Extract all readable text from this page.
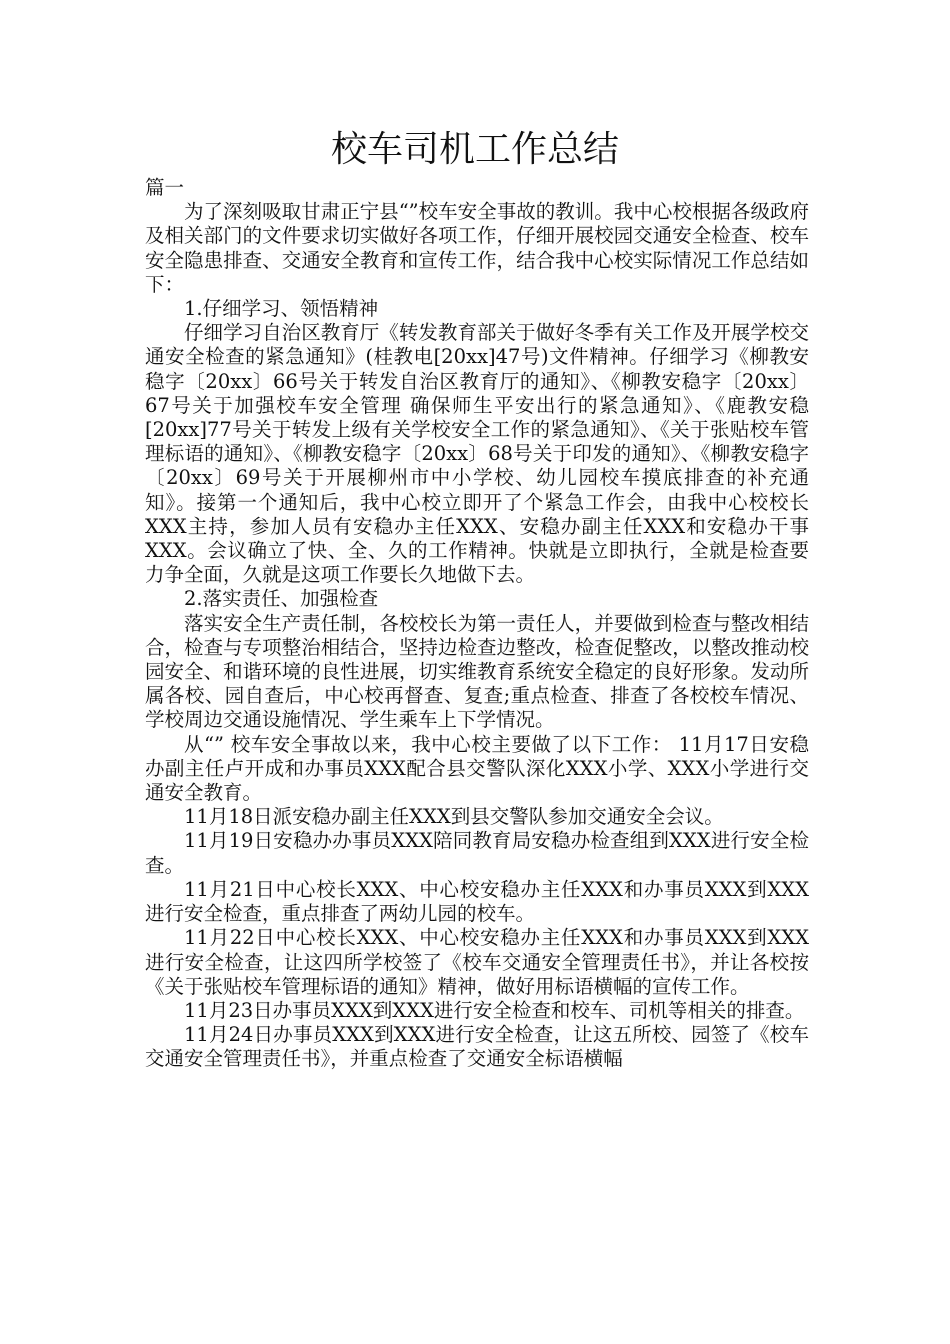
校车司机工作总结

篇一

为了深刻吸取甘肃正宁县“”校车安全事故的教训。我中心校根据各级政府及相关部门的文件要求切实做好各项工作，仔细开展校园交通安全检查、校车安全隐患排查、交通安全教育和宣传工作，结合我中心校实际情况工作总结如下：

1.仔细学习、领悟精神

仔细学习自治区教育厅《转发教育部关于做好冬季有关工作及开展学校交通安全检查的紧急通知》(桂教电[20xx]47号)文件精神。仔细学习《柳教安稳字〔20xx〕66号关于转发自治区教育厅的通知》、《柳教安稳字〔20xx〕67号关于加强校车安全管理 确保师生平安出行的紧急通知》、《鹿教安稳[20xx]77号关于转发上级有关学校安全工作的紧急通知》、《关于张贴校车管理标语的通知》、《柳教安稳字〔20xx〕68号关于印发的通知》、《柳教安稳字〔20xx〕69号关于开展柳州市中小学校、幼儿园校车摸底排查的补充通知》。接第一个通知后，我中心校立即开了个紧急工作会，由我中心校校长XXX主持，参加人员有安稳办主任XXX、安稳办副主任XXX和安稳办干事XXX。会议确立了快、全、久的工作精神。快就是立即执行，全就是检查要力争全面，久就是这项工作要长久地做下去。

2.落实责任、加强检查

落实安全生产责任制，各校校长为第一责任人，并要做到检查与整改相结合，检查与专项整治相结合，坚持边检查边整改，检查促整改，以整改推动校园安全、和谐环境的良性进展，切实维教育系统安全稳定的良好形象。发动所属各校、园自查后，中心校再督查、复查;重点检查、排查了各校校车情况、学校周边交通设施情况、学生乘车上下学情况。

从“” 校车安全事故以来，我中心校主要做了以下工作： 11月17日安稳办副主任卢开成和办事员XXX配合县交警队深化XXX小学、XXX小学进行交通安全教育。

11月18日派安稳办副主任XXX到县交警队参加交通安全会议。

11月19日安稳办办事员XXX陪同教育局安稳办检查组到XXX进行安全检查。

11月21日中心校长XXX、中心校安稳办主任XXX和办事员XXX到XXX进行安全检查，重点排查了两幼儿园的校车。

11月22日中心校长XXX、中心校安稳办主任XXX和办事员XXX到XXX进行安全检查，让这四所学校签了《校车交通安全管理责任书》，并让各校按《关于张贴校车管理标语的通知》精神，做好用标语横幅的宣传工作。

11月23日办事员XXX到XXX进行安全检查和校车、司机等相关的排查。

11月24日办事员XXX到XXX进行安全检查，让这五所校、园签了《校车交通安全管理责任书》，并重点检查了交通安全标语横幅
